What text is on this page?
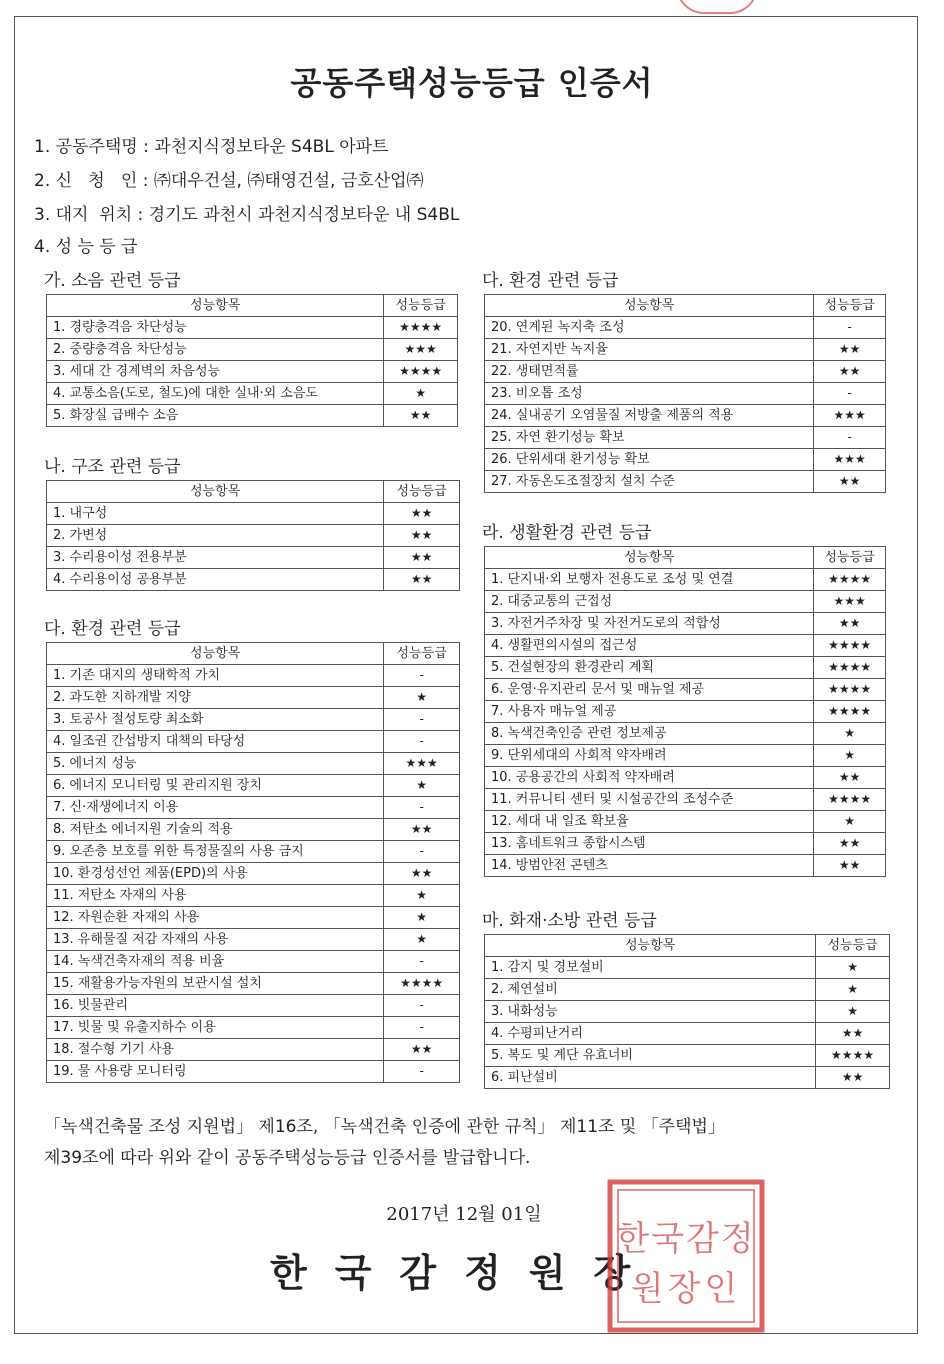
공동주택성능등급 인증서
1. 공동주택명 : 과천지식정보타운 S4BL 아파트
2. 신   청   인 : ㈜대우건설, ㈜태영건설, 금호산업㈜
3. 대지  위치 : 경기도 과천시 과천지식정보타운 내 S4BL
4. 성 능 등 급
가. 소음 관련 등급
성능항목	성능등급
1. 경량충격음 차단성능	★★★★
2. 중량충격음 차단성능	★★★
3. 세대 간 경계벽의 차음성능	★★★★
4. 교통소음(도로, 철도)에 대한 실내·외 소음도	★
5. 화장실 급배수 소음	★★
나. 구조 관련 등급
성능항목	성능등급
1. 내구성	★★
2. 가변성	★★
3. 수리용이성 전용부분	★★
4. 수리용이성 공용부분	★★
다. 환경 관련 등급
성능항목	성능등급
1. 기존 대지의 생태학적 가치	-
2. 과도한 지하개발 지양	★
3. 토공사 절성토량 최소화	-
4. 일조권 간섭방지 대책의 타당성	-
5. 에너지 성능	★★★
6. 에너지 모니터링 및 관리지원 장치	★
7. 신·재생에너지 이용	-
8. 저탄소 에너지원 기술의 적용	★★
9. 오존층 보호를 위한 특정물질의 사용 금지	-
10. 환경성선언 제품(EPD)의 사용	★★
11. 저탄소 자재의 사용	★
12. 자원순환 자재의 사용	★
13. 유해물질 저감 자재의 사용	★
14. 녹색건축자재의 적용 비율	-
15. 재활용가능자원의 보관시설 설치	★★★★
16. 빗물관리	-
17. 빗물 및 유출지하수 이용	-
18. 절수형 기기 사용	★★
19. 물 사용량 모니터링	-
다. 환경 관련 등급
성능항목	성능등급
20. 연계된 녹지축 조성	-
21. 자연지반 녹지율	★★
22. 생태면적률	★★
23. 비오톱 조성	-
24. 실내공기 오염물질 저방출 제품의 적용	★★★
25. 자연 환기성능 확보	-
26. 단위세대 환기성능 확보	★★★
27. 자동온도조절장치 설치 수준	★★
라. 생활환경 관련 등급
성능항목	성능등급
1. 단지내·외 보행자 전용도로 조성 및 연결	★★★★
2. 대중교통의 근접성	★★★
3. 자전거주차장 및 자전거도로의 적합성	★★
4. 생활편의시설의 접근성	★★★★
5. 건설현장의 환경관리 계획	★★★★
6. 운영·유지관리 문서 및 매뉴얼 제공	★★★★
7. 사용자 매뉴얼 제공	★★★★
8. 녹색건축인증 관련 정보제공	★
9. 단위세대의 사회적 약자배려	★
10. 공용공간의 사회적 약자배려	★★
11. 커뮤니티 센터 및 시설공간의 조성수준	★★★★
12. 세대 내 일조 확보율	★
13. 홈네트워크 종합시스템	★★
14. 방범안전 콘텐츠	★★
마. 화재·소방 관련 등급
성능항목	성능등급
1. 감지 및 경보설비	★
2. 제연설비	★
3. 내화성능	★
4. 수평피난거리	★★
5. 복도 및 계단 유효너비	★★★★
6. 피난설비	★★
「녹색건축물 조성 지원법」 제16조, 「녹색건축 인증에 관한 규칙」 제11조 및 「주택법」
제39조에 따라 위와 같이 공동주택성능등급 인증서를 발급합니다.
2017년 12월 01일
한국감정원장
한국감정
원장인
